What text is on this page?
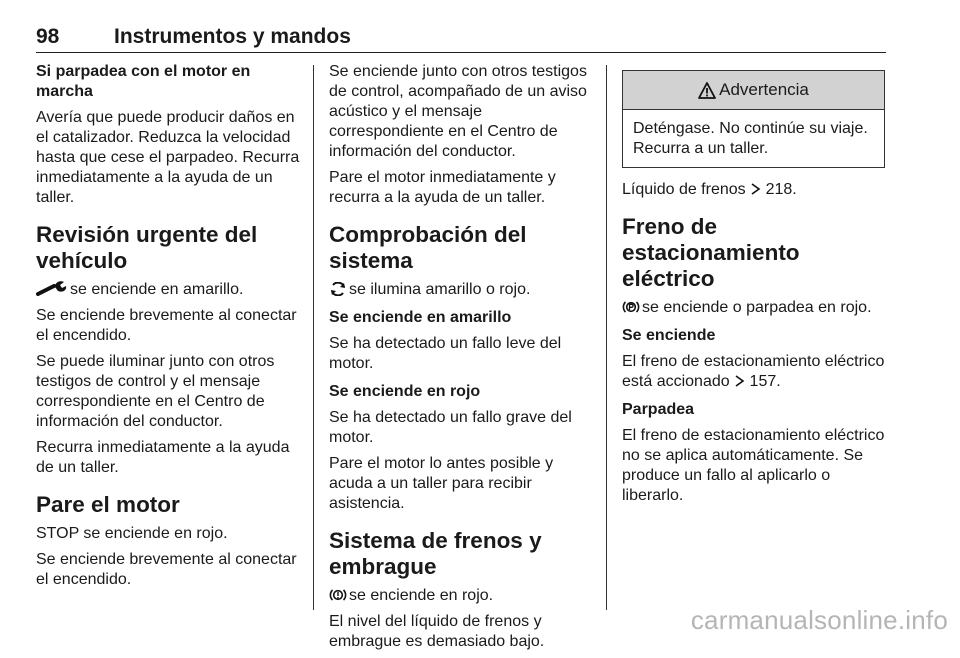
98	Instrumentos y mandos
Si parpadea con el motor en marcha

Avería que puede producir daños en el catalizador. Reduzca la velocidad hasta que cese el parpadeo. Recurra inmediatamente a la ayuda de un taller.

Revisión urgente del vehículo

se enciende en amarillo.

Se enciende brevemente al conectar el encendido.

Se puede iluminar junto con otros testigos de control y el mensaje correspondiente en el Centro de información del conductor.

Recurra inmediatamente a la ayuda de un taller.

Pare el motor

STOP se enciende en rojo.

Se enciende brevemente al conectar el encendido.

Se enciende junto con otros testigos de control, acompañado de un aviso acústico y el mensaje correspondiente en el Centro de información del conductor.

Pare el motor inmediatamente y recurra a la ayuda de un taller.

Comprobación del sistema

se ilumina amarillo o rojo.

Se enciende en amarillo

Se ha detectado un fallo leve del motor.

Se enciende en rojo

Se ha detectado un fallo grave del motor.

Pare el motor lo antes posible y acuda a un taller para recibir asistencia.

Sistema de frenos y embrague

se enciende en rojo.

El nivel del líquido de frenos y embrague es demasiado bajo.

Advertencia
Deténgase. No continúe su viaje. Recurra a un taller.

Líquido de frenos 218.

Freno de estacionamiento eléctrico

se enciende o parpadea en rojo.

Se enciende

El freno de estacionamiento eléctrico está accionado 157.

Parpadea

El freno de estacionamiento eléctrico no se aplica automáticamente. Se produce un fallo al aplicarlo o liberarlo.

carmanualsonline.info
